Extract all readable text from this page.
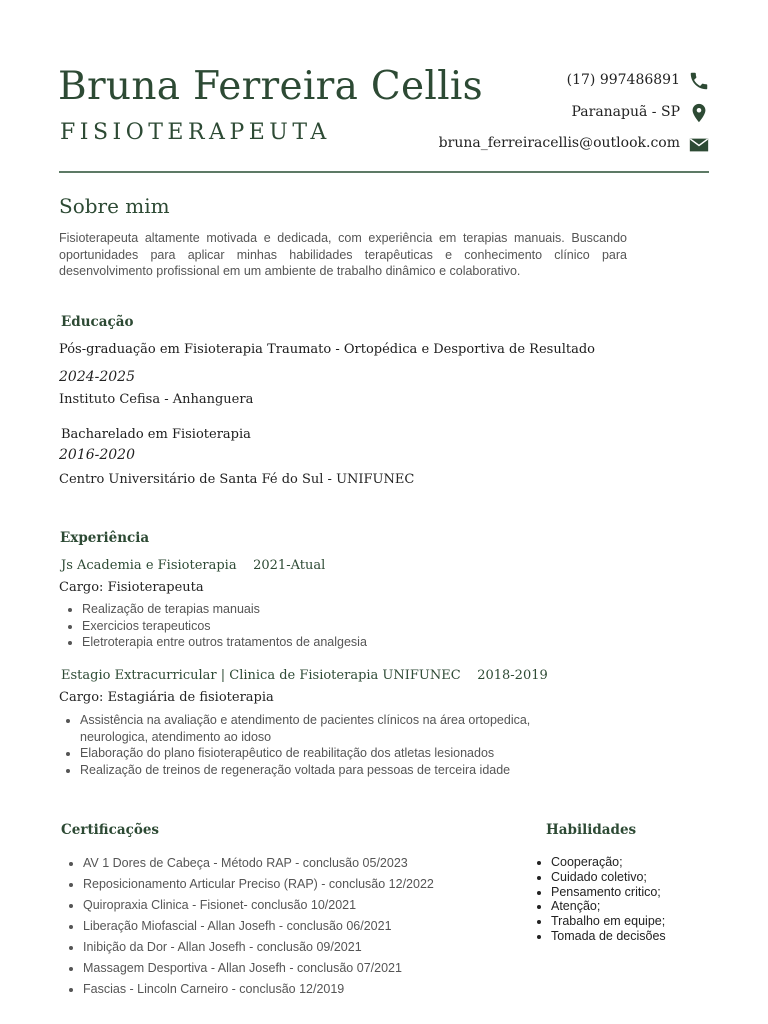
Bruna Ferreira Cellis
FISIOTERAPEUTA
(17) 997486891
Paranapuã - SP
bruna_ferreiracellis@outlook.com
Sobre mim
Fisioterapeuta altamente motivada e dedicada, com experiência em terapias manuais. Buscando oportunidades para aplicar minhas habilidades terapêuticas e conhecimento clínico para desenvolvimento profissional em um ambiente de trabalho dinâmico e colaborativo.
Educação
Pós-graduação em Fisioterapia Traumato - Ortopédica e Desportiva de Resultado
2024-2025
Instituto Cefisa - Anhanguera
Bacharelado em Fisioterapia
2016-2020
Centro Universitário de Santa Fé do Sul - UNIFUNEC
Experiência
Js Academia e Fisioterapia    2021-Atual
Cargo: Fisioterapeuta
• Realização de terapias manuais
• Exercicios terapeuticos
• Eletroterapia entre outros tratamentos de analgesia
Estagio Extracurricular | Clinica de Fisioterapia UNIFUNEC    2018-2019
Cargo: Estagiária de fisioterapia
• Assistência na avaliação e atendimento de pacientes clínicos na área ortopedica, neurologica, atendimento ao idoso
• Elaboração do plano fisioterapêutico de reabilitação dos atletas lesionados
• Realização de treinos de regeneração voltada para pessoas de terceira idade
Certificações
• AV 1 Dores de Cabeça - Método RAP - conclusão 05/2023
• Reposicionamento Articular Preciso (RAP) - conclusão 12/2022
• Quiropraxia Clinica - Fisionet- conclusão 10/2021
• Liberação Miofascial - Allan Josefh - conclusão 06/2021
• Inibição da Dor - Allan Josefh - conclusão 09/2021
• Massagem Desportiva - Allan Josefh - conclusão 07/2021
• Fascias - Lincoln Carneiro - conclusão 12/2019
Habilidades
• Cooperação;
• Cuidado coletivo;
• Pensamento critico;
• Atenção;
• Trabalho em equipe;
• Tomada de decisões
